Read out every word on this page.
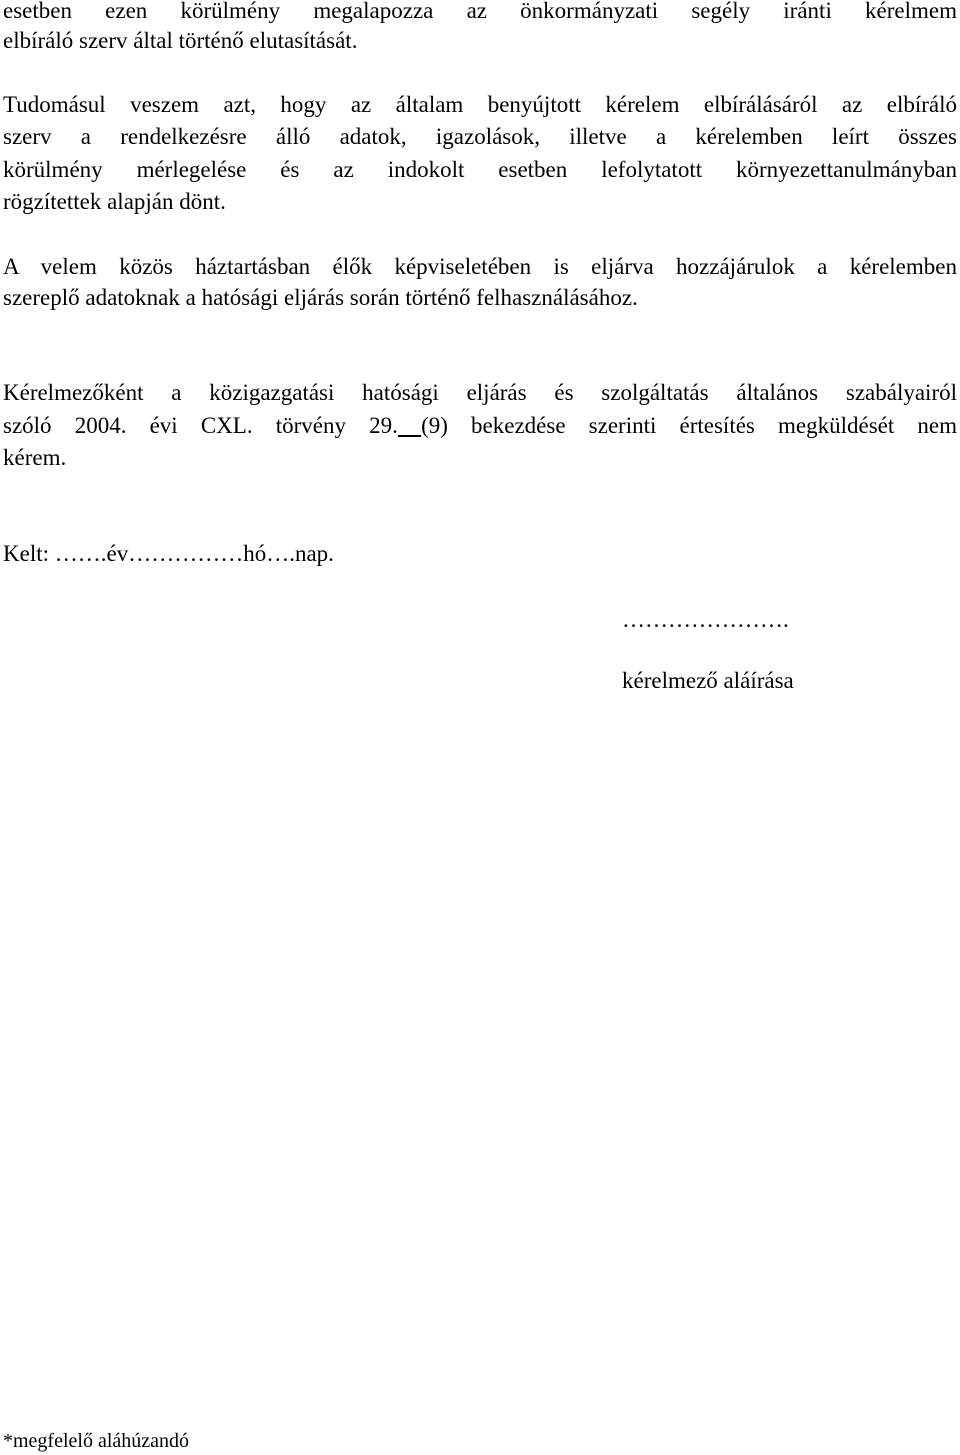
esetben ezen körülmény megalapozza az önkormányzati segély iránti kérelmem
elbíráló szerv által történő elutasítását.
Tudomásul veszem azt, hogy az általam benyújtott kérelem elbírálásáról az elbíráló
szerv a rendelkezésre álló adatok, igazolások, illetve a kérelemben leírt összes
körülmény mérlegelése és az indokolt esetben lefolytatott környezettanulmányban
rögzítettek alapján dönt.
A velem közös háztartásban élők képviseletében is eljárva hozzájárulok a kérelemben
szereplő adatoknak a hatósági eljárás során történő felhasználásához.
Kérelmezőként a közigazgatási hatósági eljárás és szolgáltatás általános szabályairól
szóló 2004. évi CXL. törvény 29. (9) bekezdése szerinti értesítés megküldését nem
kérem.
Kelt: …….év……………hó….nap.
………………….
kérelmező aláírása
*megfelelő aláhúzandó
